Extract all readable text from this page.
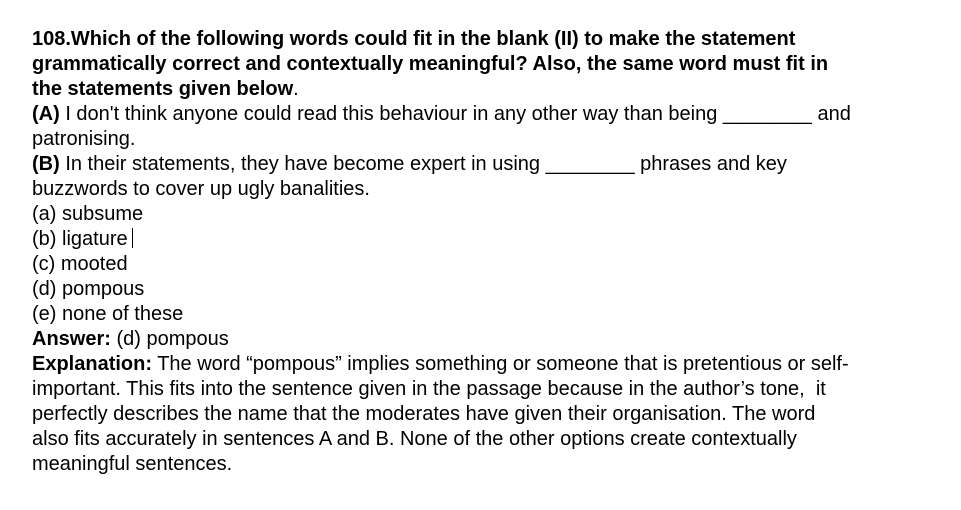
108.Which of the following words could fit in the blank (II) to make the statement
grammatically correct and contextually meaningful? Also, the same word must fit in
the statements given below.
(A) I don't think anyone could read this behaviour in any other way than being ________ and
patronising.
(B) In their statements, they have become expert in using ________ phrases and key
buzzwords to cover up ugly banalities.
(a) subsume
(b) ligature
(c) mooted
(d) pompous
(e) none of these
Answer: (d) pompous
Explanation: The word “pompous” implies something or someone that is pretentious or self-
important. This fits into the sentence given in the passage because in the author’s tone,  it
perfectly describes the name that the moderates have given their organisation. The word
also fits accurately in sentences A and B. None of the other options create contextually
meaningful sentences.
